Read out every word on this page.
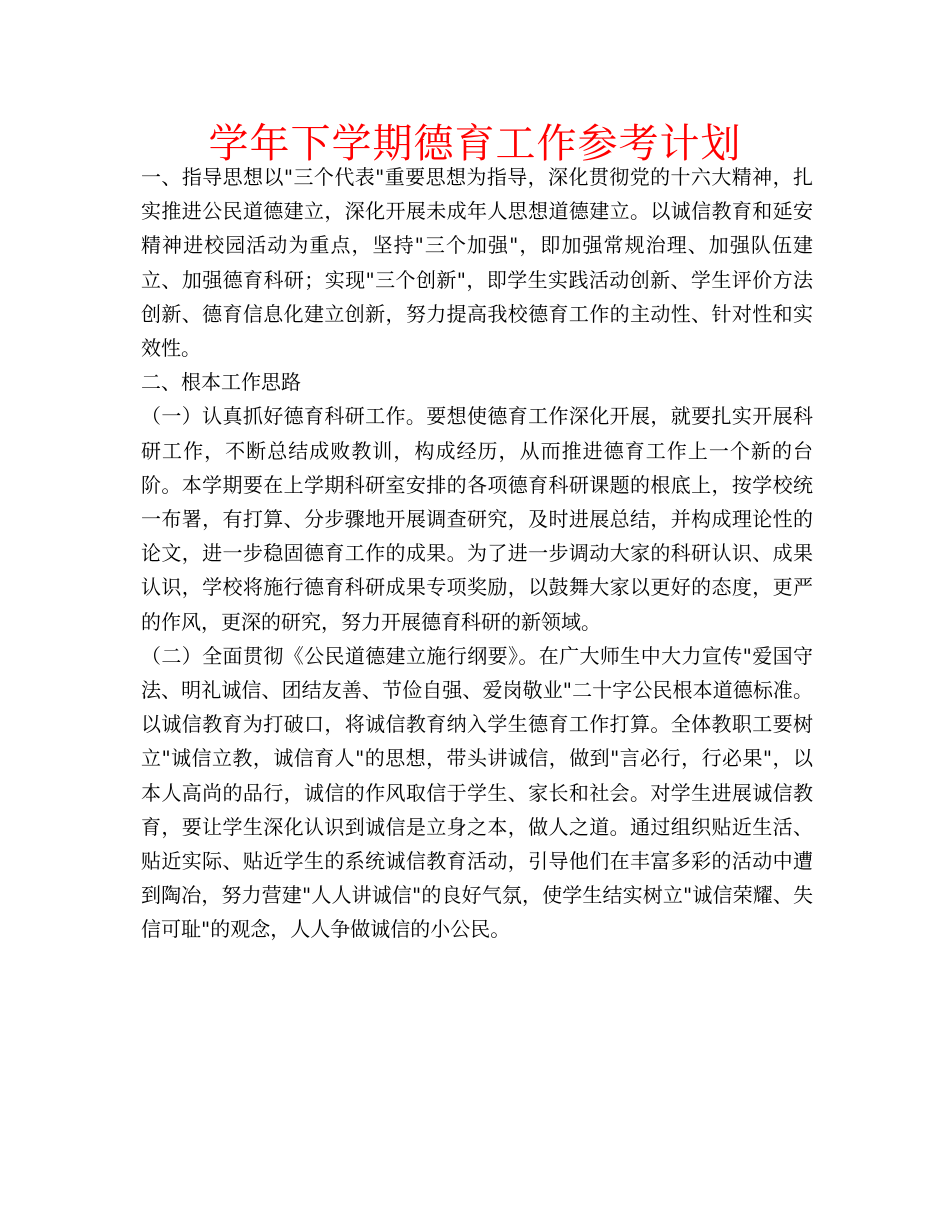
学年下学期德育工作参考计划

一、指导思想以"三个代表"重要思想为指导，深化贯彻党的十六大精神，扎实推进公民道德建立，深化开展未成年人思想道德建立。以诚信教育和延安精神进校园活动为重点，坚持"三个加强"，即加强常规治理、加强队伍建立、加强德育科研；实现"三个创新"，即学生实践活动创新、学生评价方法创新、德育信息化建立创新，努力提高我校德育工作的主动性、针对性和实效性。

二、根本工作思路

（一）认真抓好德育科研工作。要想使德育工作深化开展，就要扎实开展科研工作，不断总结成败教训，构成经历，从而推进德育工作上一个新的台阶。本学期要在上学期科研室安排的各项德育科研课题的根底上，按学校统一布署，有打算、分步骤地开展调查研究，及时进展总结，并构成理论性的论文，进一步稳固德育工作的成果。为了进一步调动大家的科研认识、成果认识，学校将施行德育科研成果专项奖励，以鼓舞大家以更好的态度，更严的作风，更深的研究，努力开展德育科研的新领域。

（二）全面贯彻《公民道德建立施行纲要》。在广大师生中大力宣传"爱国守法、明礼诚信、团结友善、节俭自强、爱岗敬业"二十字公民根本道德标准。以诚信教育为打破口，将诚信教育纳入学生德育工作打算。全体教职工要树立"诚信立教，诚信育人"的思想，带头讲诚信，做到"言必行，行必果"，以本人高尚的品行，诚信的作风取信于学生、家长和社会。对学生进展诚信教育，要让学生深化认识到诚信是立身之本，做人之道。通过组织贴近生活、贴近实际、贴近学生的系统诚信教育活动，引导他们在丰富多彩的活动中遭到陶冶，努力营建"人人讲诚信"的良好气氛，使学生结实树立"诚信荣耀、失信可耻"的观念，人人争做诚信的小公民。
